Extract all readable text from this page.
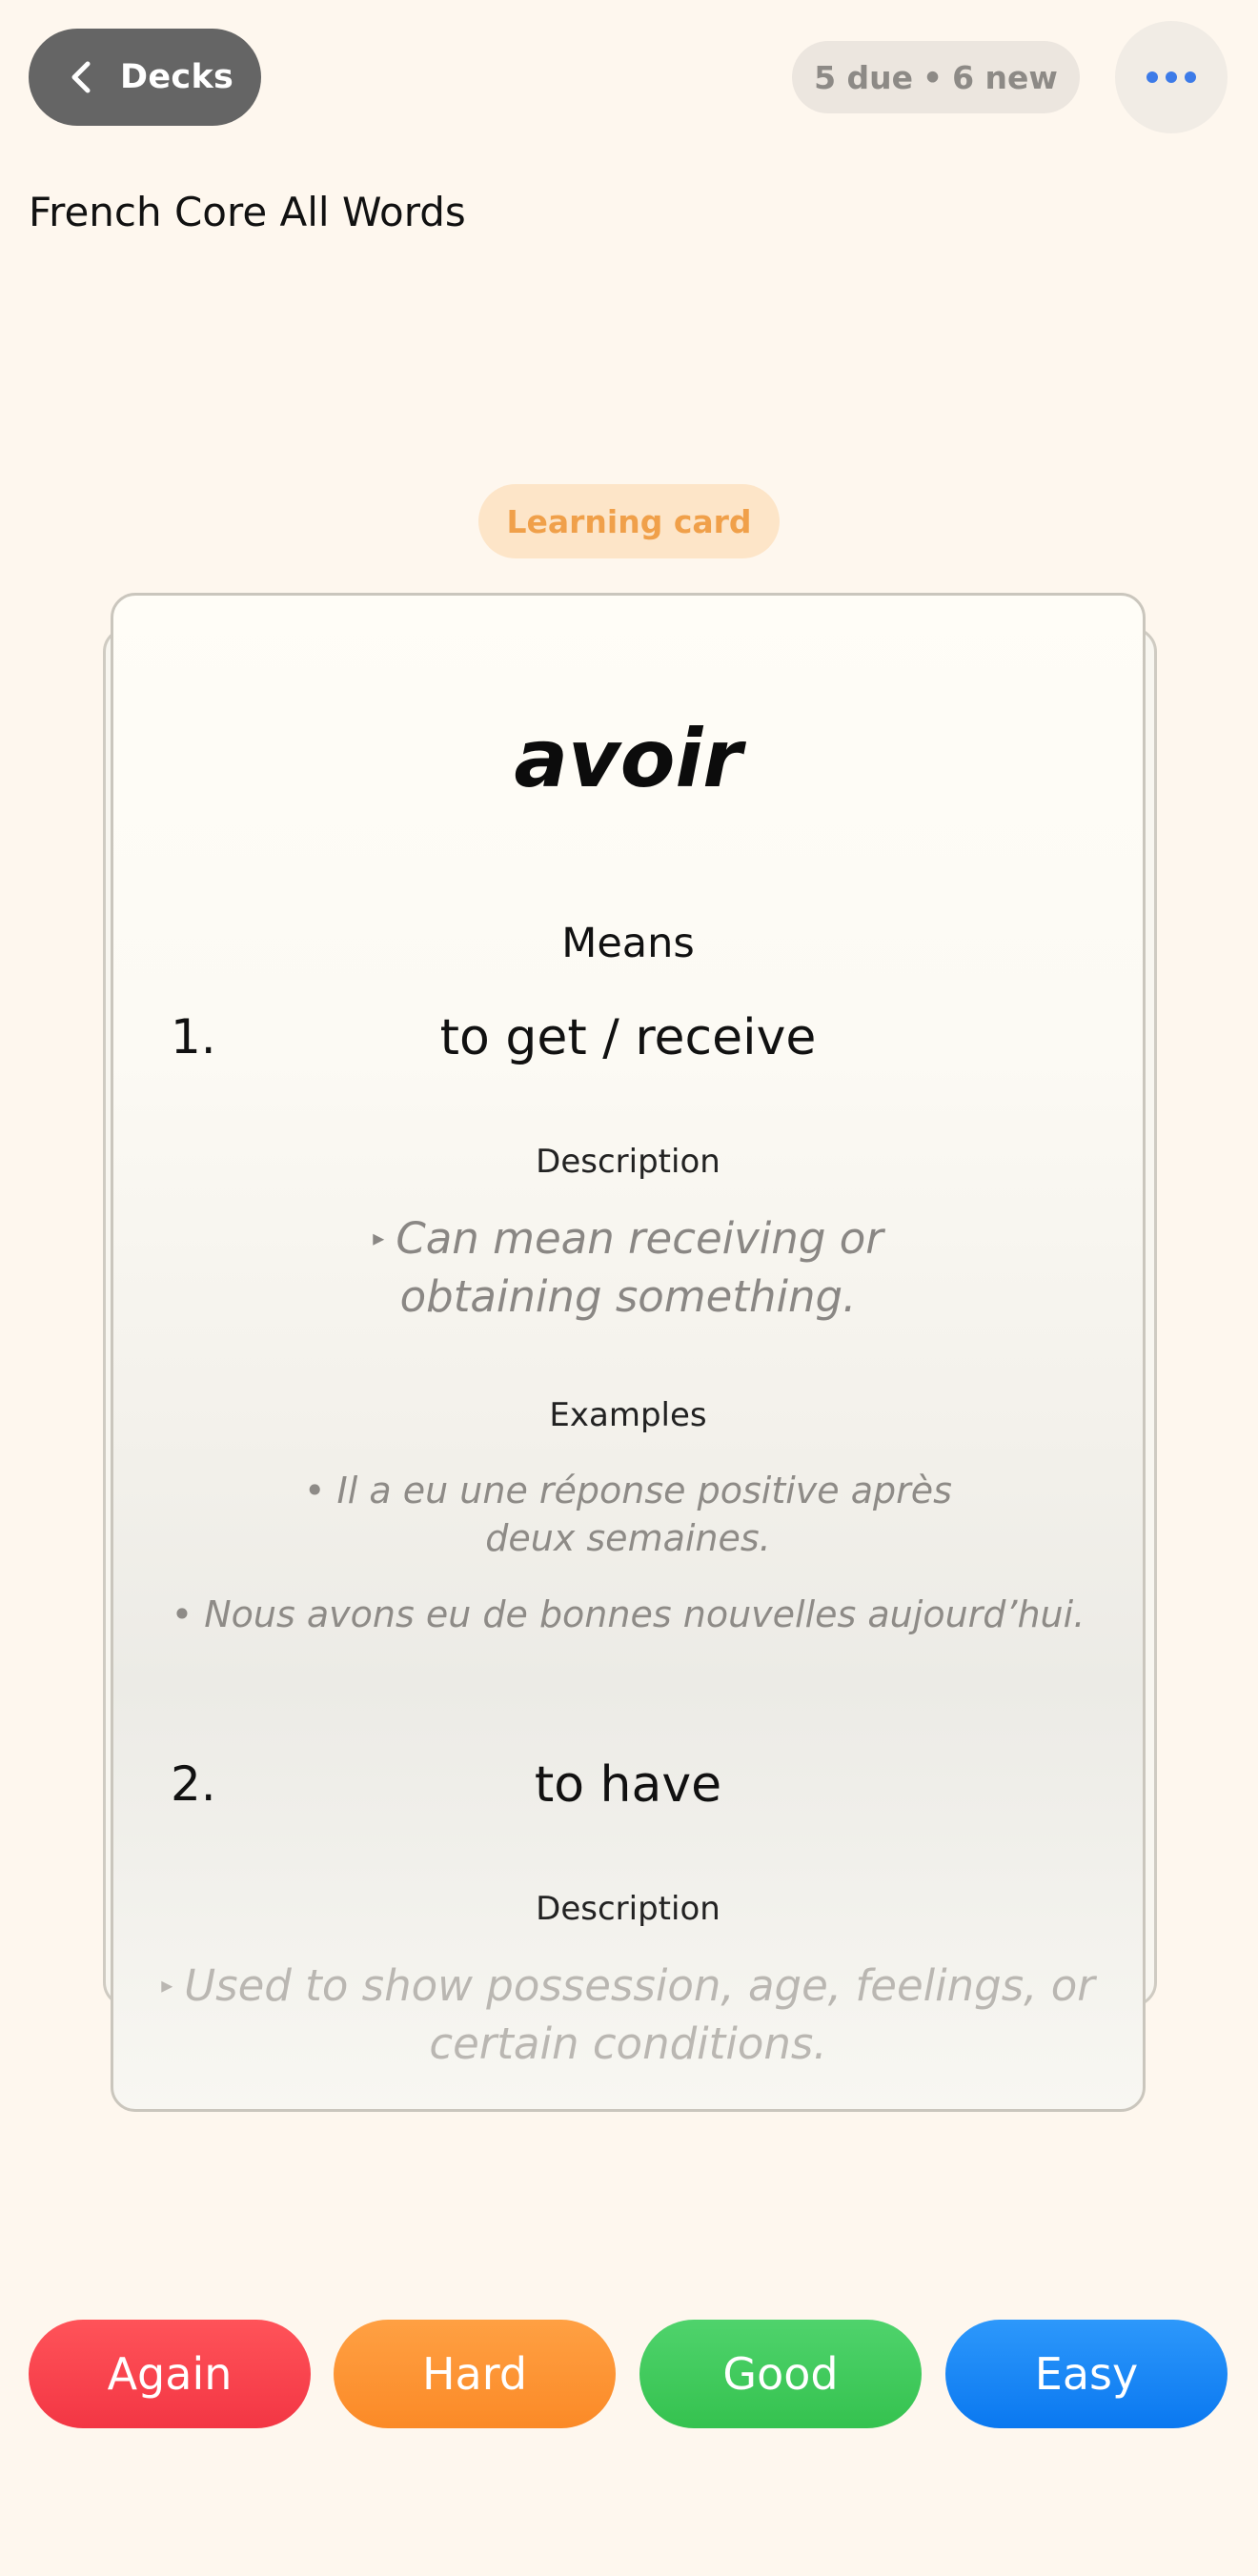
Decks	5 due • 6 new
French Core All Words
Learning card
avoir
Means
1.	to get / receive
Description
▸ Can mean receiving or
obtaining something.
Examples
• Il a eu une réponse positive après
deux semaines.
• Nous avons eu de bonnes nouvelles aujourd’hui.
2.	to have
Description
▸ Used to show possession, age, feelings, or
certain conditions.
Again	Hard	Good	Easy
